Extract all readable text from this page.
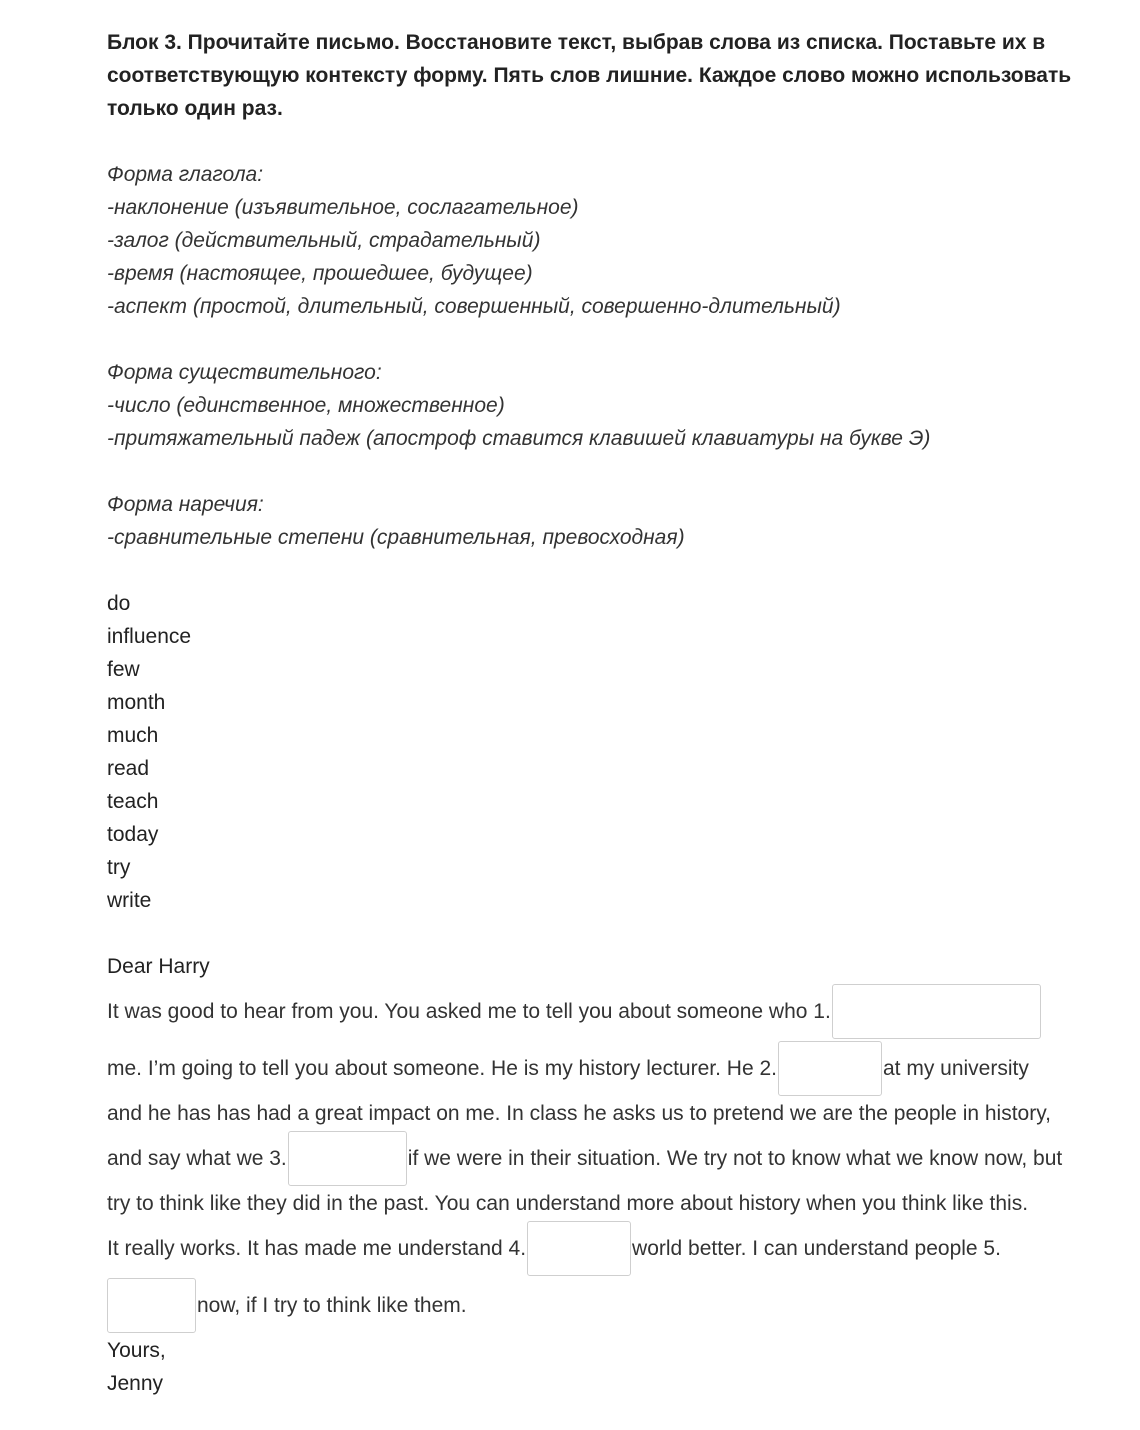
Блок 3. Прочитайте письмо. Восстановите текст, выбрав слова из списка. Поставьте их в соответствующую контексту форму. Пять слов лишние. Каждое слово можно использовать только один раз.
Форма глагола:
-наклонение (изъявительное, сослагательное)
-залог (действительный, страдательный)
-время (настоящее, прошедшее, будущее)
-аспект (простой, длительный, совершенный, совершенно-длительный)
Форма существительного:
-число (единственное, множественное)
-притяжательный падеж (апостроф ставится клавишей клавиатуры на букве Э)
Форма наречия:
-сравнительные степени (сравнительная, превосходная)
do
influence
few
month
much
read
teach
today
try
write
Dear Harry
It was good to hear from you. You asked me to tell you about someone who 1.
me. I’m going to tell you about someone. He is my history lecturer. He 2.	at my university
and he has has had a great impact on me. In class he asks us to pretend we are the people in history,
and say what we 3.	if we were in their situation. We try not to know what we know now, but
try to think like they did in the past. You can understand more about history when you think like this.
It really works. It has made me understand 4.	world better. I can understand people 5.
now, if I try to think like them.
Yours,
Jenny
